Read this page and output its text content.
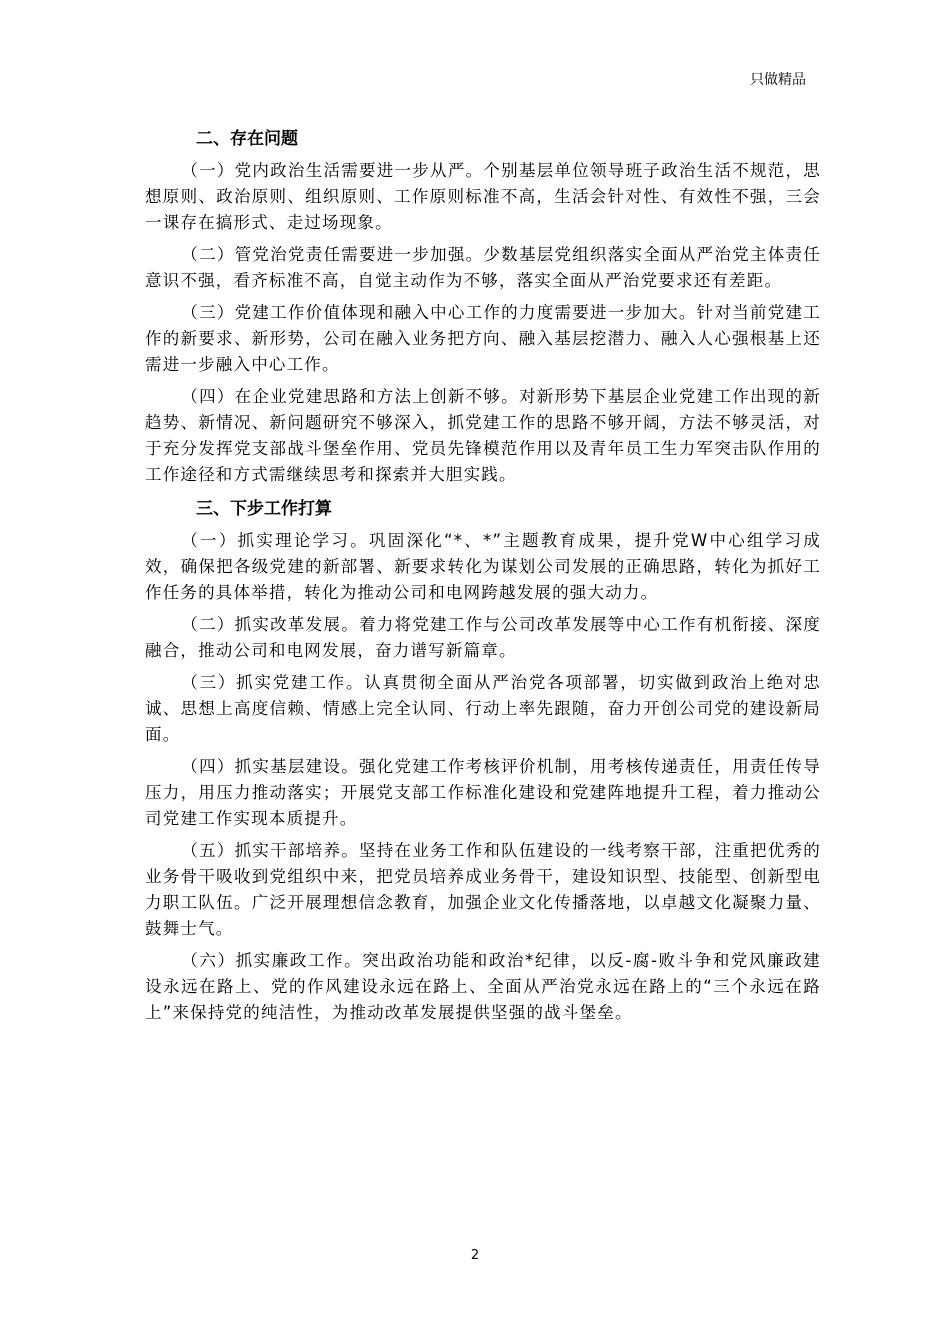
只做精品
二、存在问题

（一）党内政治生活需要进一步从严。个别基层单位领导班子政治生活不规范，思想原则、政治原则、组织原则、工作原则标准不高，生活会针对性、有效性不强，三会一课存在搞形式、走过场现象。

（二）管党治党责任需要进一步加强。少数基层党组织落实全面从严治党主体责任意识不强，看齐标准不高，自觉主动作为不够，落实全面从严治党要求还有差距。

（三）党建工作价值体现和融入中心工作的力度需要进一步加大。针对当前党建工作的新要求、新形势，公司在融入业务把方向、融入基层挖潜力、融入人心强根基上还需进一步融入中心工作。

（四）在企业党建思路和方法上创新不够。对新形势下基层企业党建工作出现的新趋势、新情况、新问题研究不够深入，抓党建工作的思路不够开阔，方法不够灵活，对于充分发挥党支部战斗堡垒作用、党员先锋模范作用以及青年员工生力军突击队作用的工作途径和方式需继续思考和探索并大胆实践。

三、下步工作打算

（一）抓实理论学习。巩固深化“*、*”主题教育成果，提升党W中心组学习成效，确保把各级党建的新部署、新要求转化为谋划公司发展的正确思路，转化为抓好工作任务的具体举措，转化为推动公司和电网跨越发展的强大动力。

（二）抓实改革发展。着力将党建工作与公司改革发展等中心工作有机衔接、深度融合，推动公司和电网发展，奋力谱写新篇章。

（三）抓实党建工作。认真贯彻全面从严治党各项部署，切实做到政治上绝对忠诚、思想上高度信赖、情感上完全认同、行动上率先跟随，奋力开创公司党的建设新局面。

（四）抓实基层建设。强化党建工作考核评价机制，用考核传递责任，用责任传导压力，用压力推动落实；开展党支部工作标准化建设和党建阵地提升工程，着力推动公司党建工作实现本质提升。

（五）抓实干部培养。坚持在业务工作和队伍建设的一线考察干部，注重把优秀的业务骨干吸收到党组织中来，把党员培养成业务骨干，建设知识型、技能型、创新型电力职工队伍。广泛开展理想信念教育，加强企业文化传播落地，以卓越文化凝聚力量、鼓舞士气。

（六）抓实廉政工作。突出政治功能和政治*纪律，以反-腐-败斗争和党风廉政建设永远在路上、党的作风建设永远在路上、全面从严治党永远在路上的“三个永远在路上”来保持党的纯洁性，为推动改革发展提供坚强的战斗堡垒。

2
